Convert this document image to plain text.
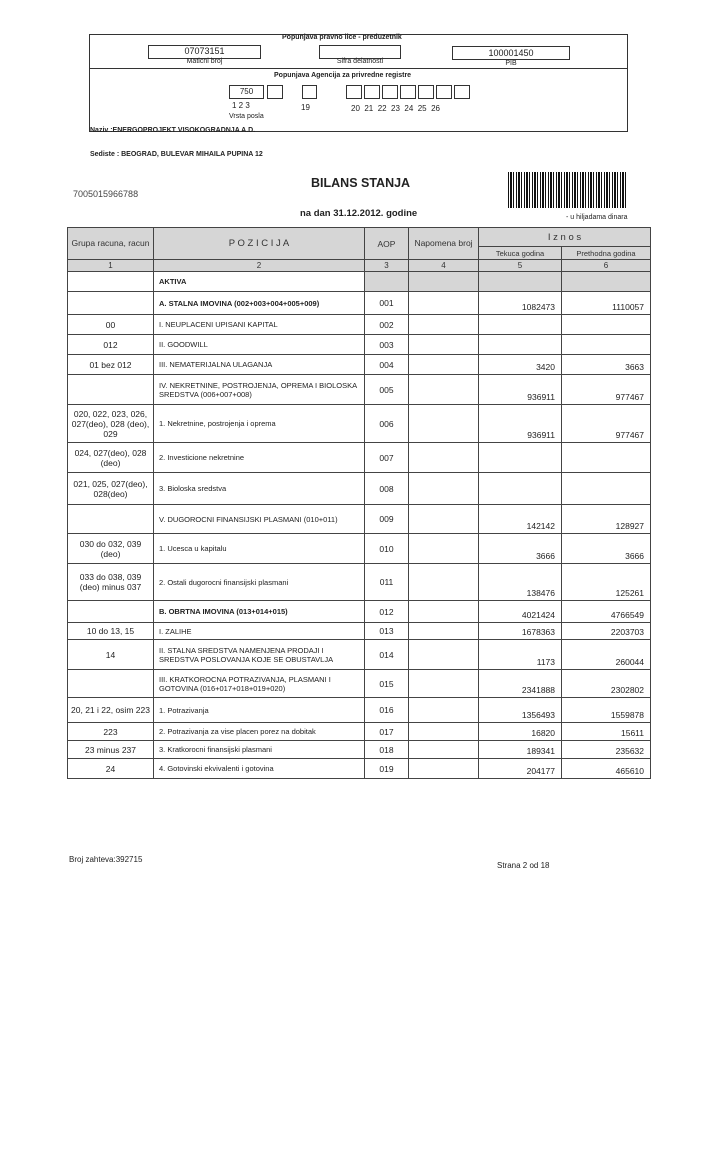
Popunjava pravno lice - preduzetnik
07073151
Maticni broj	Sifra delatnosti
100001450
PIB
Popunjava Agencija za privredne registre
750
1 2 3	19	20  21  22  23  24  25  26
Vrsta posla
Naziv :ENERGOPROJEKT VISOKOGRADNJA A.D.
Sediste : BEOGRAD, BULEVAR MIHAILA PUPINA 12
7005015966788
BILANS STANJA
na dan 31.12.2012. godine	- u hiljadama dinara
Grupa racuna, racun	P O Z I C I J A	AOP	Napomena broj	I z n o s	
				Tekuca godina	Prethodna godina
1	2	3	4	5	6
	AKTIVA				
	A. STALNA IMOVINA (002+003+004+005+009)	001		1082473	1110057
00	I. NEUPLACENI UPISANI KAPITAL	002			
012	II. GOODWILL	003			
01 bez 012	III. NEMATERIJALNA ULAGANJA	004		3420	3663
	IV. NEKRETNINE, POSTROJENJA, OPREMA I BIOLOSKA SREDSTVA (006+007+008)	005		936911	977467
020, 022, 023, 026, 027(deo), 028 (deo), 029	1. Nekretnine, postrojenja i oprema	006		936911	977467
024, 027(deo), 028 (deo)	2. Investicione nekretnine	007			
021, 025, 027(deo), 028(deo)	3. Bioloska sredstva	008			
	V. DUGOROCNI FINANSIJSKI PLASMANI (010+011)	009		142142	128927
030 do 032, 039 (deo)	1. Ucesca u kapitalu	010		3666	3666
033 do 038, 039 (deo) minus 037	2. Ostali dugorocni finansijski plasmani	011		138476	125261
	B. OBRTNA IMOVINA (013+014+015)	012		4021424	4766549
10 do 13, 15	I. ZALIHE	013		1678363	2203703
14	II. STALNA SREDSTVA NAMENJENA PRODAJI I SREDSTVA POSLOVANJA KOJE SE OBUSTAVLJA	014		1173	260044
	III. KRATKOROCNA POTRAZIVANJA, PLASMANI I GOTOVINA (016+017+018+019+020)	015		2341888	2302802
20, 21 i 22, osim 223	1. Potrazivanja	016		1356493	1559878
223	2. Potrazivanja za vise placen porez na dobitak	017		16820	15611
23 minus 237	3. Kratkorocni finansijski plasmani	018		189341	235632
24	4. Gotovinski ekvivalenti i gotovina	019		204177	465610
Broj zahteva:392715
Strana 2 od 18
